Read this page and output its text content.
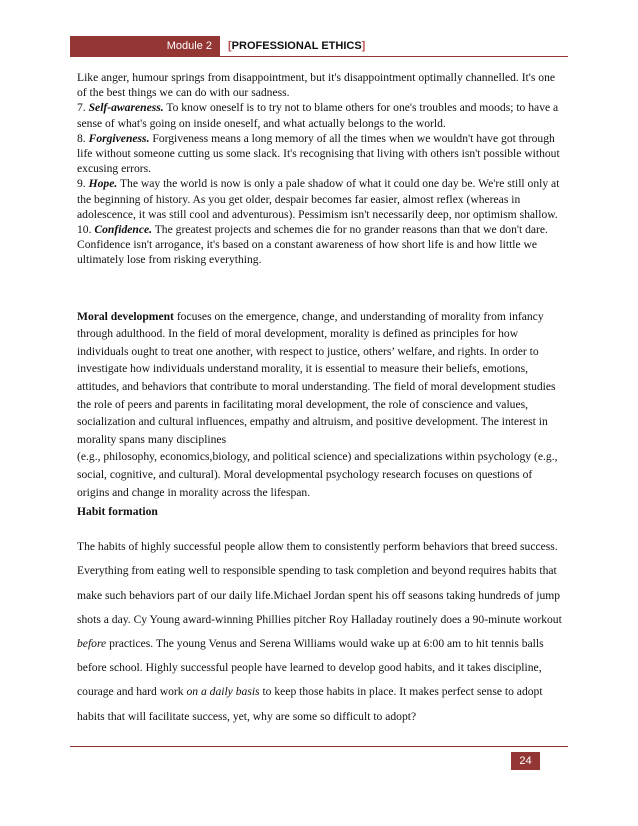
Module 2	[PROFESSIONAL ETHICS]

Like anger, humour springs from disappointment, but it's disappointment optimally channelled. It's one of the best things we can do with our sadness.

7. Self-awareness. To know oneself is to try not to blame others for one's troubles and moods; to have a sense of what's going on inside oneself, and what actually belongs to the world.

8. Forgiveness. Forgiveness means a long memory of all the times when we wouldn't have got through life without someone cutting us some slack. It's recognising that living with others isn't possible without excusing errors.

9. Hope. The way the world is now is only a pale shadow of what it could one day be. We're still only at the beginning of history. As you get older, despair becomes far easier, almost reflex (whereas in adolescence, it was still cool and adventurous). Pessimism isn't necessarily deep, nor optimism shallow.

10. Confidence. The greatest projects and schemes die for no grander reasons than that we don't dare. Confidence isn't arrogance, it's based on a constant awareness of how short life is and how little we ultimately lose from risking everything.

Moral development focuses on the emergence, change, and understanding of morality from infancy through adulthood. In the field of moral development, morality is defined as principles for how individuals ought to treat one another, with respect to justice, others’ welfare, and rights. In order to investigate how individuals understand morality, it is essential to measure their beliefs, emotions, attitudes, and behaviors that contribute to moral understanding. The field of moral development studies the role of peers and parents in facilitating moral development, the role of conscience and values, socialization and cultural influences, empathy and altruism, and positive development. The interest in morality spans many disciplines

(e.g., philosophy, economics,biology, and political science) and specializations within psychology (e.g., social, cognitive, and cultural). Moral developmental psychology research focuses on questions of origins and change in morality across the lifespan.

Habit formation

The habits of highly successful people allow them to consistently perform behaviors that breed success. Everything from eating well to responsible spending to task completion and beyond requires habits that make such behaviors part of our daily life.Michael Jordan spent his off seasons taking hundreds of jump shots a day. Cy Young award-winning Phillies pitcher Roy Halladay routinely does a 90-minute workout before practices. The young Venus and Serena Williams would wake up at 6:00 am to hit tennis balls before school. Highly successful people have learned to develop good habits, and it takes discipline, courage and hard work on a daily basis to keep those habits in place. It makes perfect sense to adopt habits that will facilitate success, yet, why are some so difficult to adopt?

24
